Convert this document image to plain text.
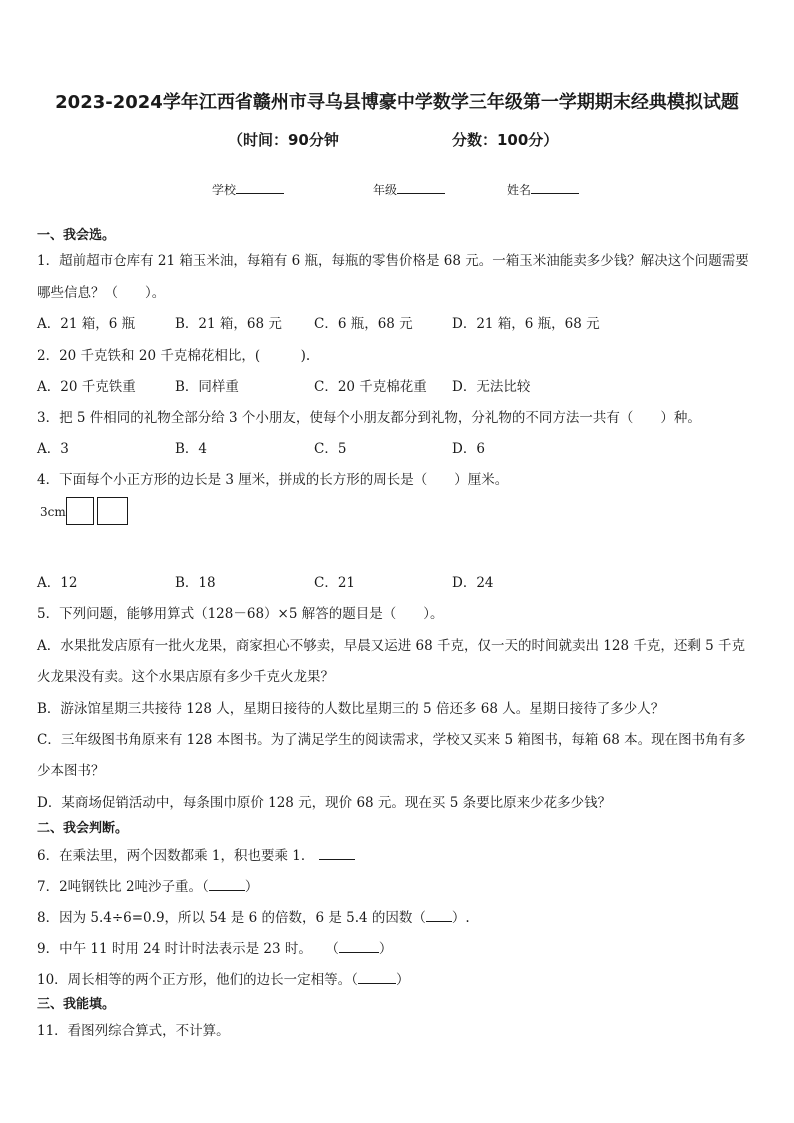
2023-2024学年江西省赣州市寻乌县博豪中学数学三年级第一学期期末经典模拟试题
（时间：90分钟	分数：100分）
学校	年级	姓名
一、我会选。
1．超前超市仓库有 21 箱玉米油，每箱有 6 瓶，每瓶的零售价格是 68 元。一箱玉米油能卖多少钱？解决这个问题需要
哪些信息？（　　）。
A．21 箱，6 瓶	B．21 箱，68 元 C．6 瓶，68 元	D．21 箱，6 瓶，68 元
2．20 千克铁和 20 千克棉花相比，(　　　).
A．20 千克铁重	B．同样重	C．20 千克棉花重 D．无法比较
3．把 5 件相同的礼物全部分给 3 个小朋友，使每个小朋友都分到礼物，分礼物的不同方法一共有（　　）种。
A．3	B．4	C．5	D．6
4．下面每个小正方形的边长是 3 厘米，拼成的长方形的周长是（　　）厘米。
3cm
A．12	B．18	C．21	D．24
5．下列问题，能够用算式（128－68）×5 解答的题目是（　　）。
A．水果批发店原有一批火龙果，商家担心不够卖，早晨又运进 68 千克，仅一天的时间就卖出 128 千克，还剩 5 千克
火龙果没有卖。这个水果店原有多少千克火龙果？
B．游泳馆星期三共接待 128 人，星期日接待的人数比星期三的 5 倍还多 68 人。星期日接待了多少人？
C．三年级图书角原来有 128 本图书。为了满足学生的阅读需求，学校又买来 5 箱图书，每箱 68 本。现在图书角有多
少本图书？
D．某商场促销活动中，每条围巾原价 128 元，现价 68 元。现在买 5 条要比原来少花多少钱？
二、我会判断。
6．在乘法里，两个因数都乘 1，积也要乘 1．
7．2吨钢铁比 2吨沙子重。（	）
8．因为 5.4÷6=0.9，所以 54 是 6 的倍数，6 是 5.4 的因数（ ）.
9．中午 11 时用 24 时计时法表示是 23 时。　　（	）
10．周长相等的两个正方形，他们的边长一定相等。（	）
三、我能填。
11．看图列综合算式，不计算。
